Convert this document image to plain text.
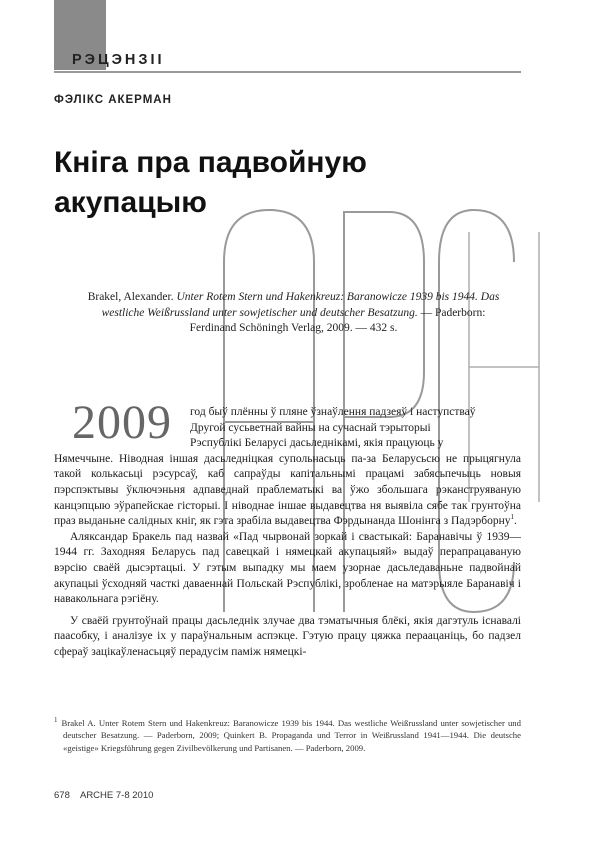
РЭЦЭНЗІІ
ФЭЛІКС АКЕРМАН
Кніга пра падвойную
акупацыю
Brakel, Alexander. Unter Rotem Stern und Hakenkreuz: Baranowicze 1939 bis 1944. Das westliche Weißrussland unter sowjetischer und deutscher Besatzung. — Paderborn: Ferdinand Schöningh Verlag, 2009. — 432 s.
2009	год быў плённы ў пляне ўзнаўлення падзеяў і наступстваў
Другой сусьветнай вайны на сучаснай тэрыторыі
Рэспублікі Беларусі дасьледнікамі, якія працуюць у
Нямеччыне. Ніводная іншая дасьледніцкая супольнасьць па-за Беларусьсю не прыцягнула такой колькасьці рэсурсаў, каб сапраўды капітальнымі працамі забясьпечыць новыя пэрспэктывы ўключэньня адпаведнай праблематыкі ва ўжо збольшага рэканструяваную канцэпцыю эўрапейскае гісторыі. І ніводнае іншае выдавецтва ня выявіла сябе так грунтоўна праз выданьне салідных кніг, як гэта зрабіла выдавецтва Фэрдынанда Шонінга з Падэрборну$^1$.

Аляксандар Бракель пад назвай «Пад чырвонай зоркай і свастыкай: Баранавічы ў 1939—1944 гг. Заходняя Беларусь пад савецкай і нямецкай акупацыяй» выдаў перапрацаваную вэрсію сваёй дысэртацыі. У гэтым выпадку мы маем узорнае дасьледаваньне падвойнай акупацыі ўсходняй часткі даваеннай Польскай Рэспублікі, зробленае на матэрыяле Баранавіч і навакольнага рэгіёну.

У сваёй грунтоўнай працы дасьледнік злучае два тэматычныя блёкі, якія дагэтуль існавалі паасобку, і аналізуе іх у параўнальным аспэкце. Гэтую працу цяжка пераацаніць, бо падзел сфераў зацікаўленасьцяў перадусім паміж нямецкі-

$^1$ Brakel A. Unter Rotem Stern und Hakenkreuz: Baranowicze 1939 bis 1944. Das westliche Weißrussland unter sowjetischer und deutscher Besatzung. — Paderborn, 2009; Quinkert B. Propaganda und Terror in Weißrussland 1941—1944. Die deutsche «geistige» Kriegsführung gegen Zivilbevölkerung und Partisanen. — Paderborn, 2009.

678 ARCHE 7-8 2010
